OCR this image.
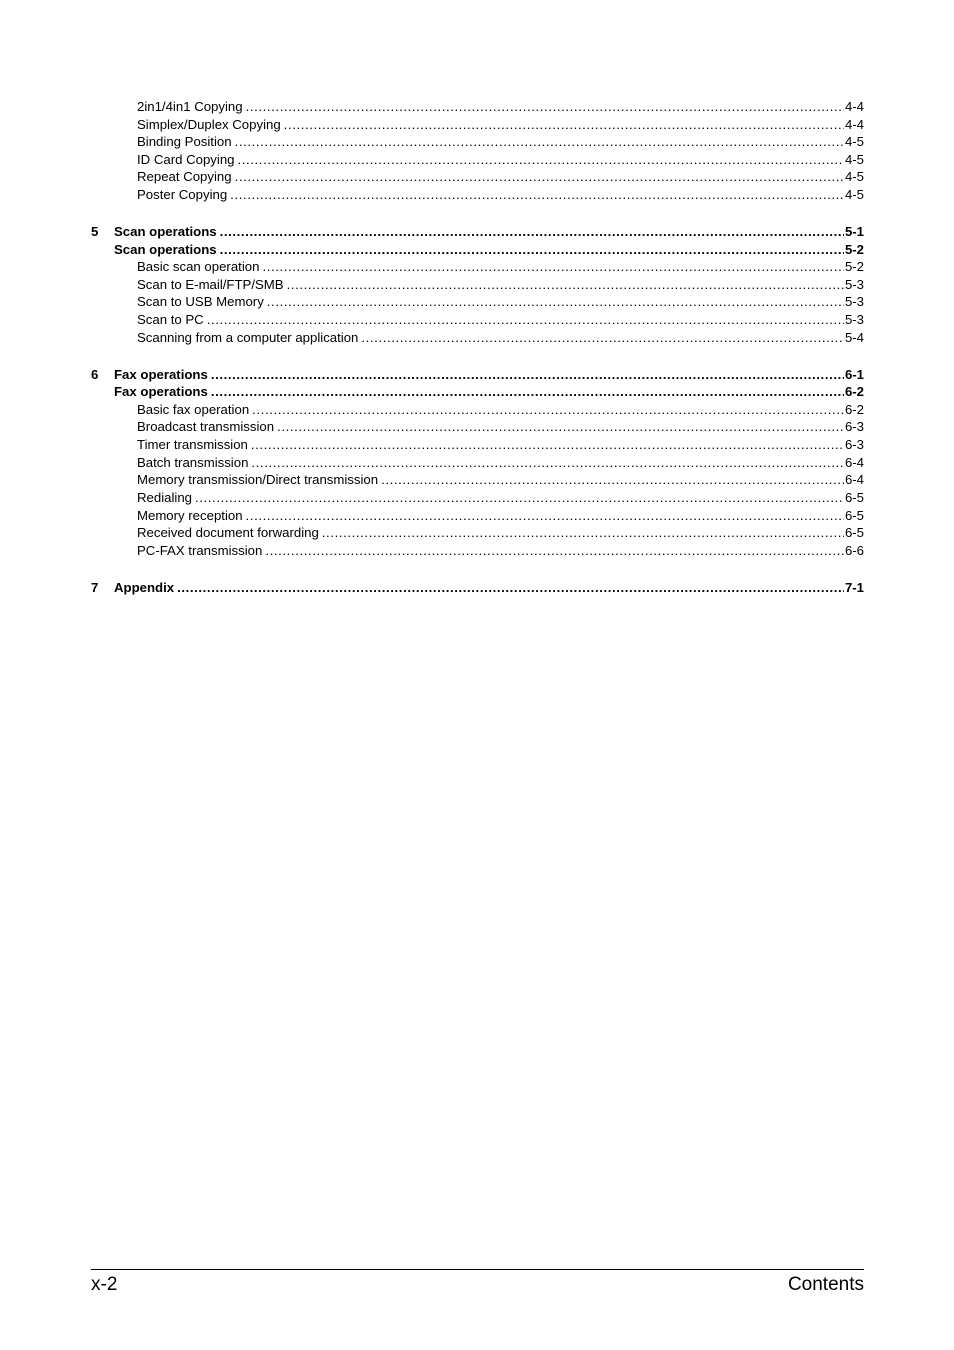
2in1/4in1 Copying .....	4-4
Simplex/Duplex Copying .....	4-4
Binding Position .....	4-5
ID Card Copying .....	4-5
Repeat Copying .....	4-5
Poster Copying .....	4-5
5 Scan operations .....	5-1
Scan operations .....	5-2
Basic scan operation .....	5-2
Scan to E-mail/FTP/SMB .....	5-3
Scan to USB Memory .....	5-3
Scan to PC .....	5-3
Scanning from a computer application .....	5-4
6 Fax operations .....	6-1
Fax operations .....	6-2
Basic fax operation .....	6-2
Broadcast transmission .....	6-3
Timer transmission .....	6-3
Batch transmission .....	6-4
Memory transmission/Direct transmission .....	6-4
Redialing .....	6-5
Memory reception .....	6-5
Received document forwarding .....	6-5
PC-FAX transmission .....	6-6
7 Appendix .....	7-1
x-2	Contents
